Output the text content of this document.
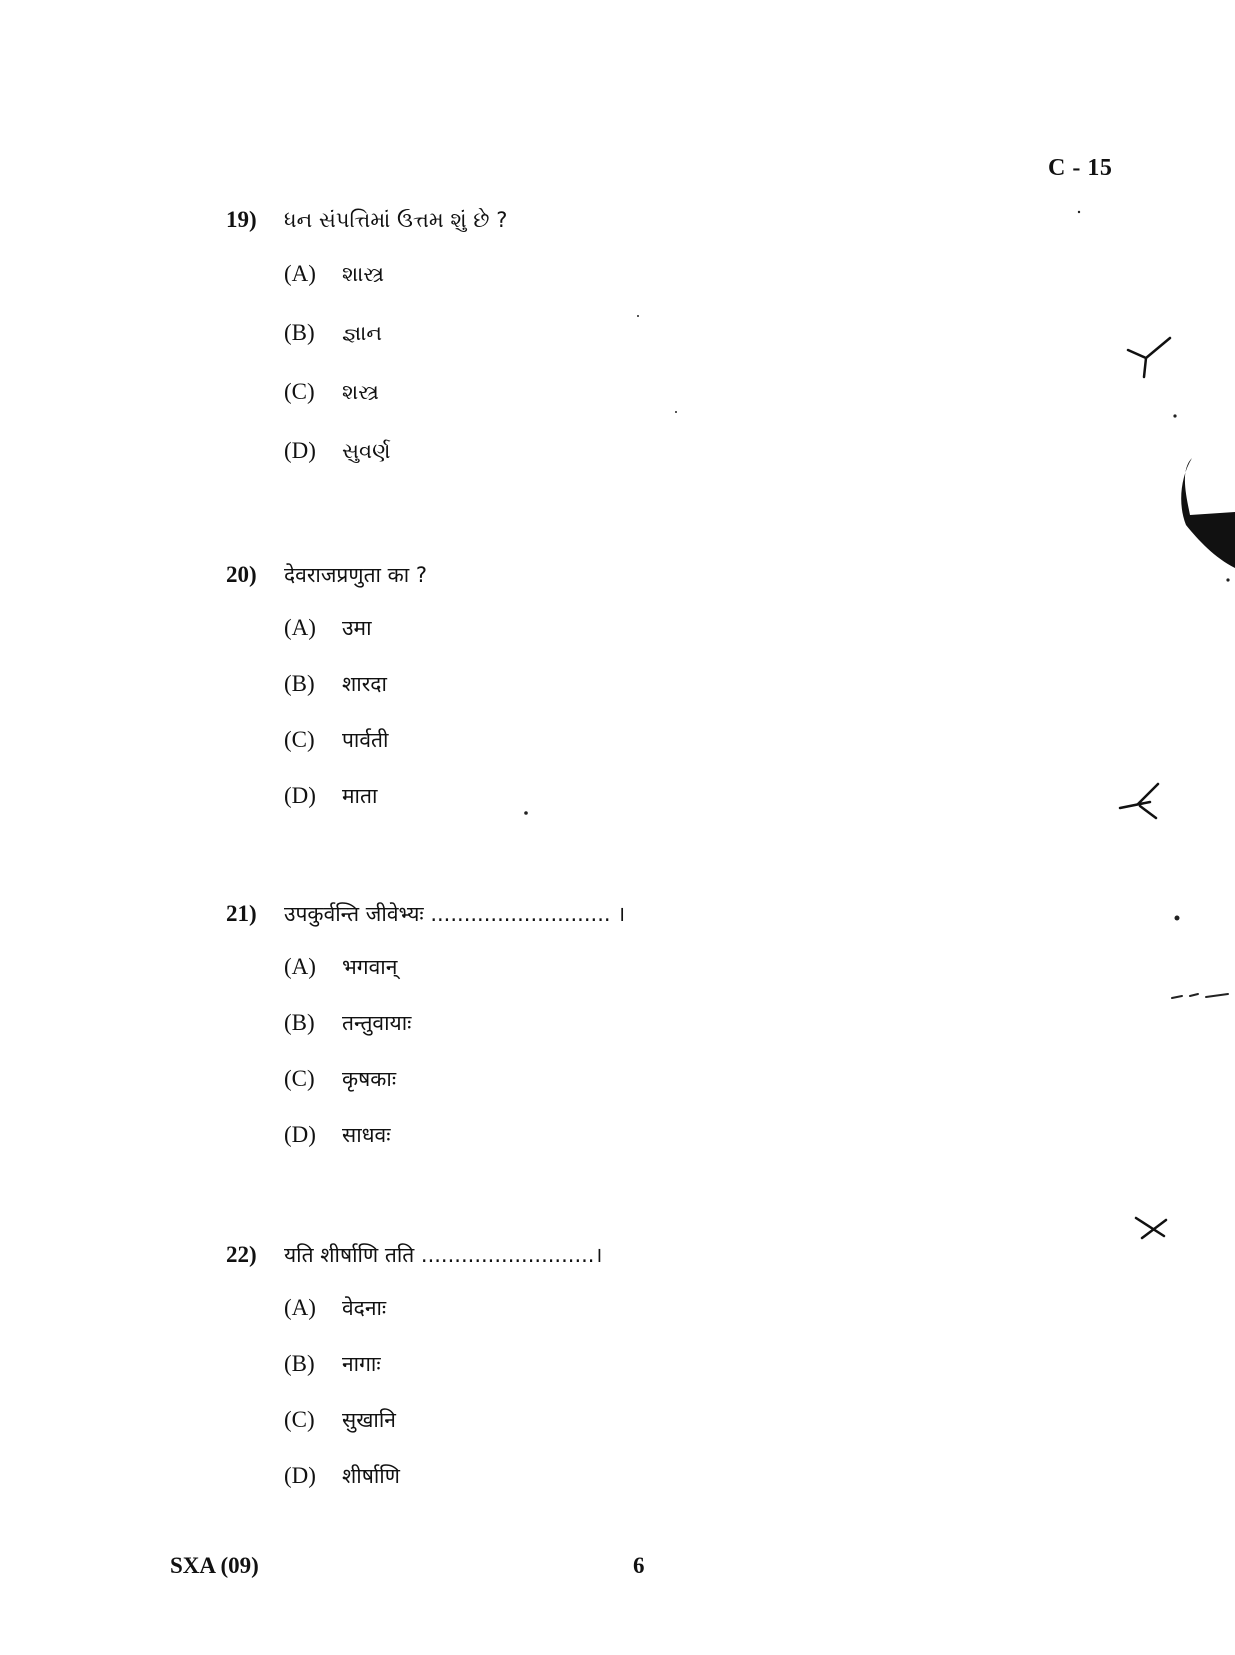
C - 15
19)	ધન સંપત્તિમાં ઉત્તમ શું છે ?
(A)	શાસ્ત્ર
(B)	જ્ઞાન
(C)	શસ્ત્ર
(D)	સુવર્ણ
20)	देवराजप्रणुता का ?
(A)	उमा
(B)	शारदा
(C)	पार्वती
(D)	माता
21)	उपकुर्वन्ति जीवेभ्यः ........................... ।
(A)	भगवान्
(B)	तन्तुवायाः
(C)	कृषकाः
(D)	साधवः
22)	यति शीर्षाणि तति ..........................।
(A)	वेदनाः
(B)	नागाः
(C)	सुखानि
(D)	शीर्षाणि
SXA (09)	6
